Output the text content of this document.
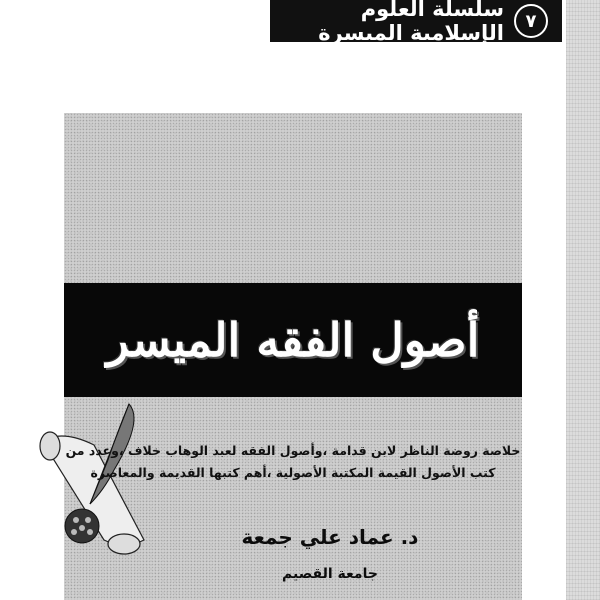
٧
سلسلة العلوم الإسلامية الميسرة
أصول الفقه الميسر
خلاصة روضة الناظر لابن قدامة ،وأصول الفقه لعبد الوهاب خلاف ،وعدد من كتب الأصول القيمة المكتبة الأصولية ،أهم كتبها القديمة والمعاصرة
د. عماد علي جمعة
جامعة القصيم
